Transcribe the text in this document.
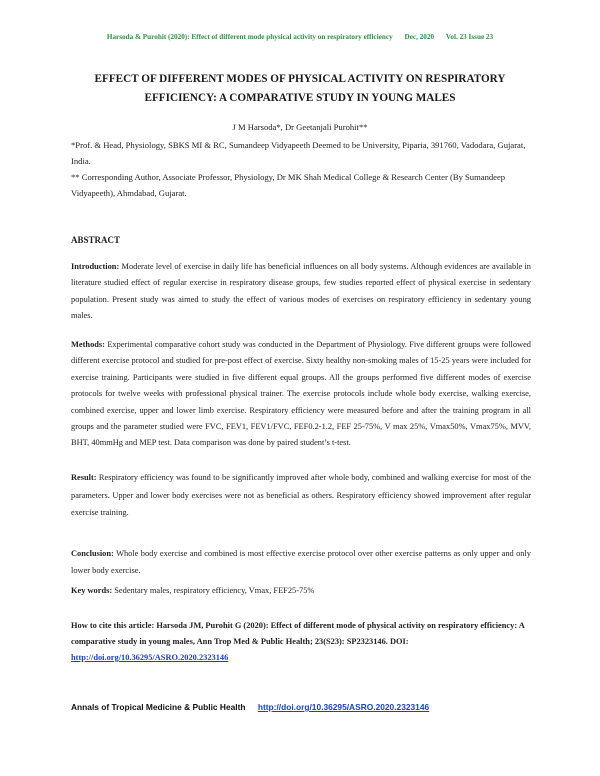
Harsoda & Purohit (2020): Effect of different mode physical activity on respiratory efficiency Dec, 2020 Vol. 23 Issue 23
EFFECT OF DIFFERENT MODES OF PHYSICAL ACTIVITY ON RESPIRATORY EFFICIENCY: A COMPARATIVE STUDY IN YOUNG MALES
J M Harsoda*, Dr Geetanjali Purohit**
*Prof. & Head, Physiology, SBKS MI & RC, Sumandeep Vidyapeeth Deemed to be University, Piparia, 391760, Vadodara, Gujarat, India.
** Corresponding Author, Associate Professor, Physiology, Dr MK Shah Medical College & Research Center (By Sumandeep Vidyapeeth), Ahmdabad, Gujarat.
ABSTRACT
Introduction: Moderate level of exercise in daily life has beneficial influences on all body systems. Although evidences are available in literature studied effect of regular exercise in respiratory disease groups, few studies reported effect of physical exercise in sedentary population. Present study was aimed to study the effect of various modes of exercises on respiratory efficiency in sedentary young males.
Methods: Experimental comparative cohort study was conducted in the Department of Physiology. Five different groups were followed different exercise protocol and studied for pre-post effect of exercise. Sixty healthy non-smoking males of 15-25 years were included for exercise training. Participants were studied in five different equal groups. All the groups performed five different modes of exercise protocols for twelve weeks with professional physical trainer. The exercise protocols include whole body exercise, walking exercise, combined exercise, upper and lower limb exercise. Respiratory efficiency were measured before and after the training program in all groups and the parameter studied were FVC, FEV1, FEV1/FVC, FEF0.2-1.2, FEF 25-75%, V max 25%, Vmax50%, Vmax75%, MVV, BHT, 40mmHg and MEP test. Data comparison was done by paired student’s t-test.
Result: Respiratory efficiency was found to be significantly improved after whole body, combined and walking exercise for most of the parameters. Upper and lower body exercises were not as beneficial as others. Respiratory efficiency showed improvement after regular exercise training.
Conclusion: Whole body exercise and combined is most effective exercise protocol over other exercise patterns as only upper and only lower body exercise.
Key words: Sedentary males, respiratory efficiency, Vmax, FEF25-75%
How to cite this article: Harsoda JM, Purohit G (2020): Effect of different mode of physical activity on respiratory efficiency: A comparative study in young males, Ann Trop Med & Public Health; 23(S23): SP2323146. DOI: http://doi.org/10.36295/ASRO.2020.2323146
Annals of Tropical Medicine & Public Health http://doi.org/10.36295/ASRO.2020.2323146
